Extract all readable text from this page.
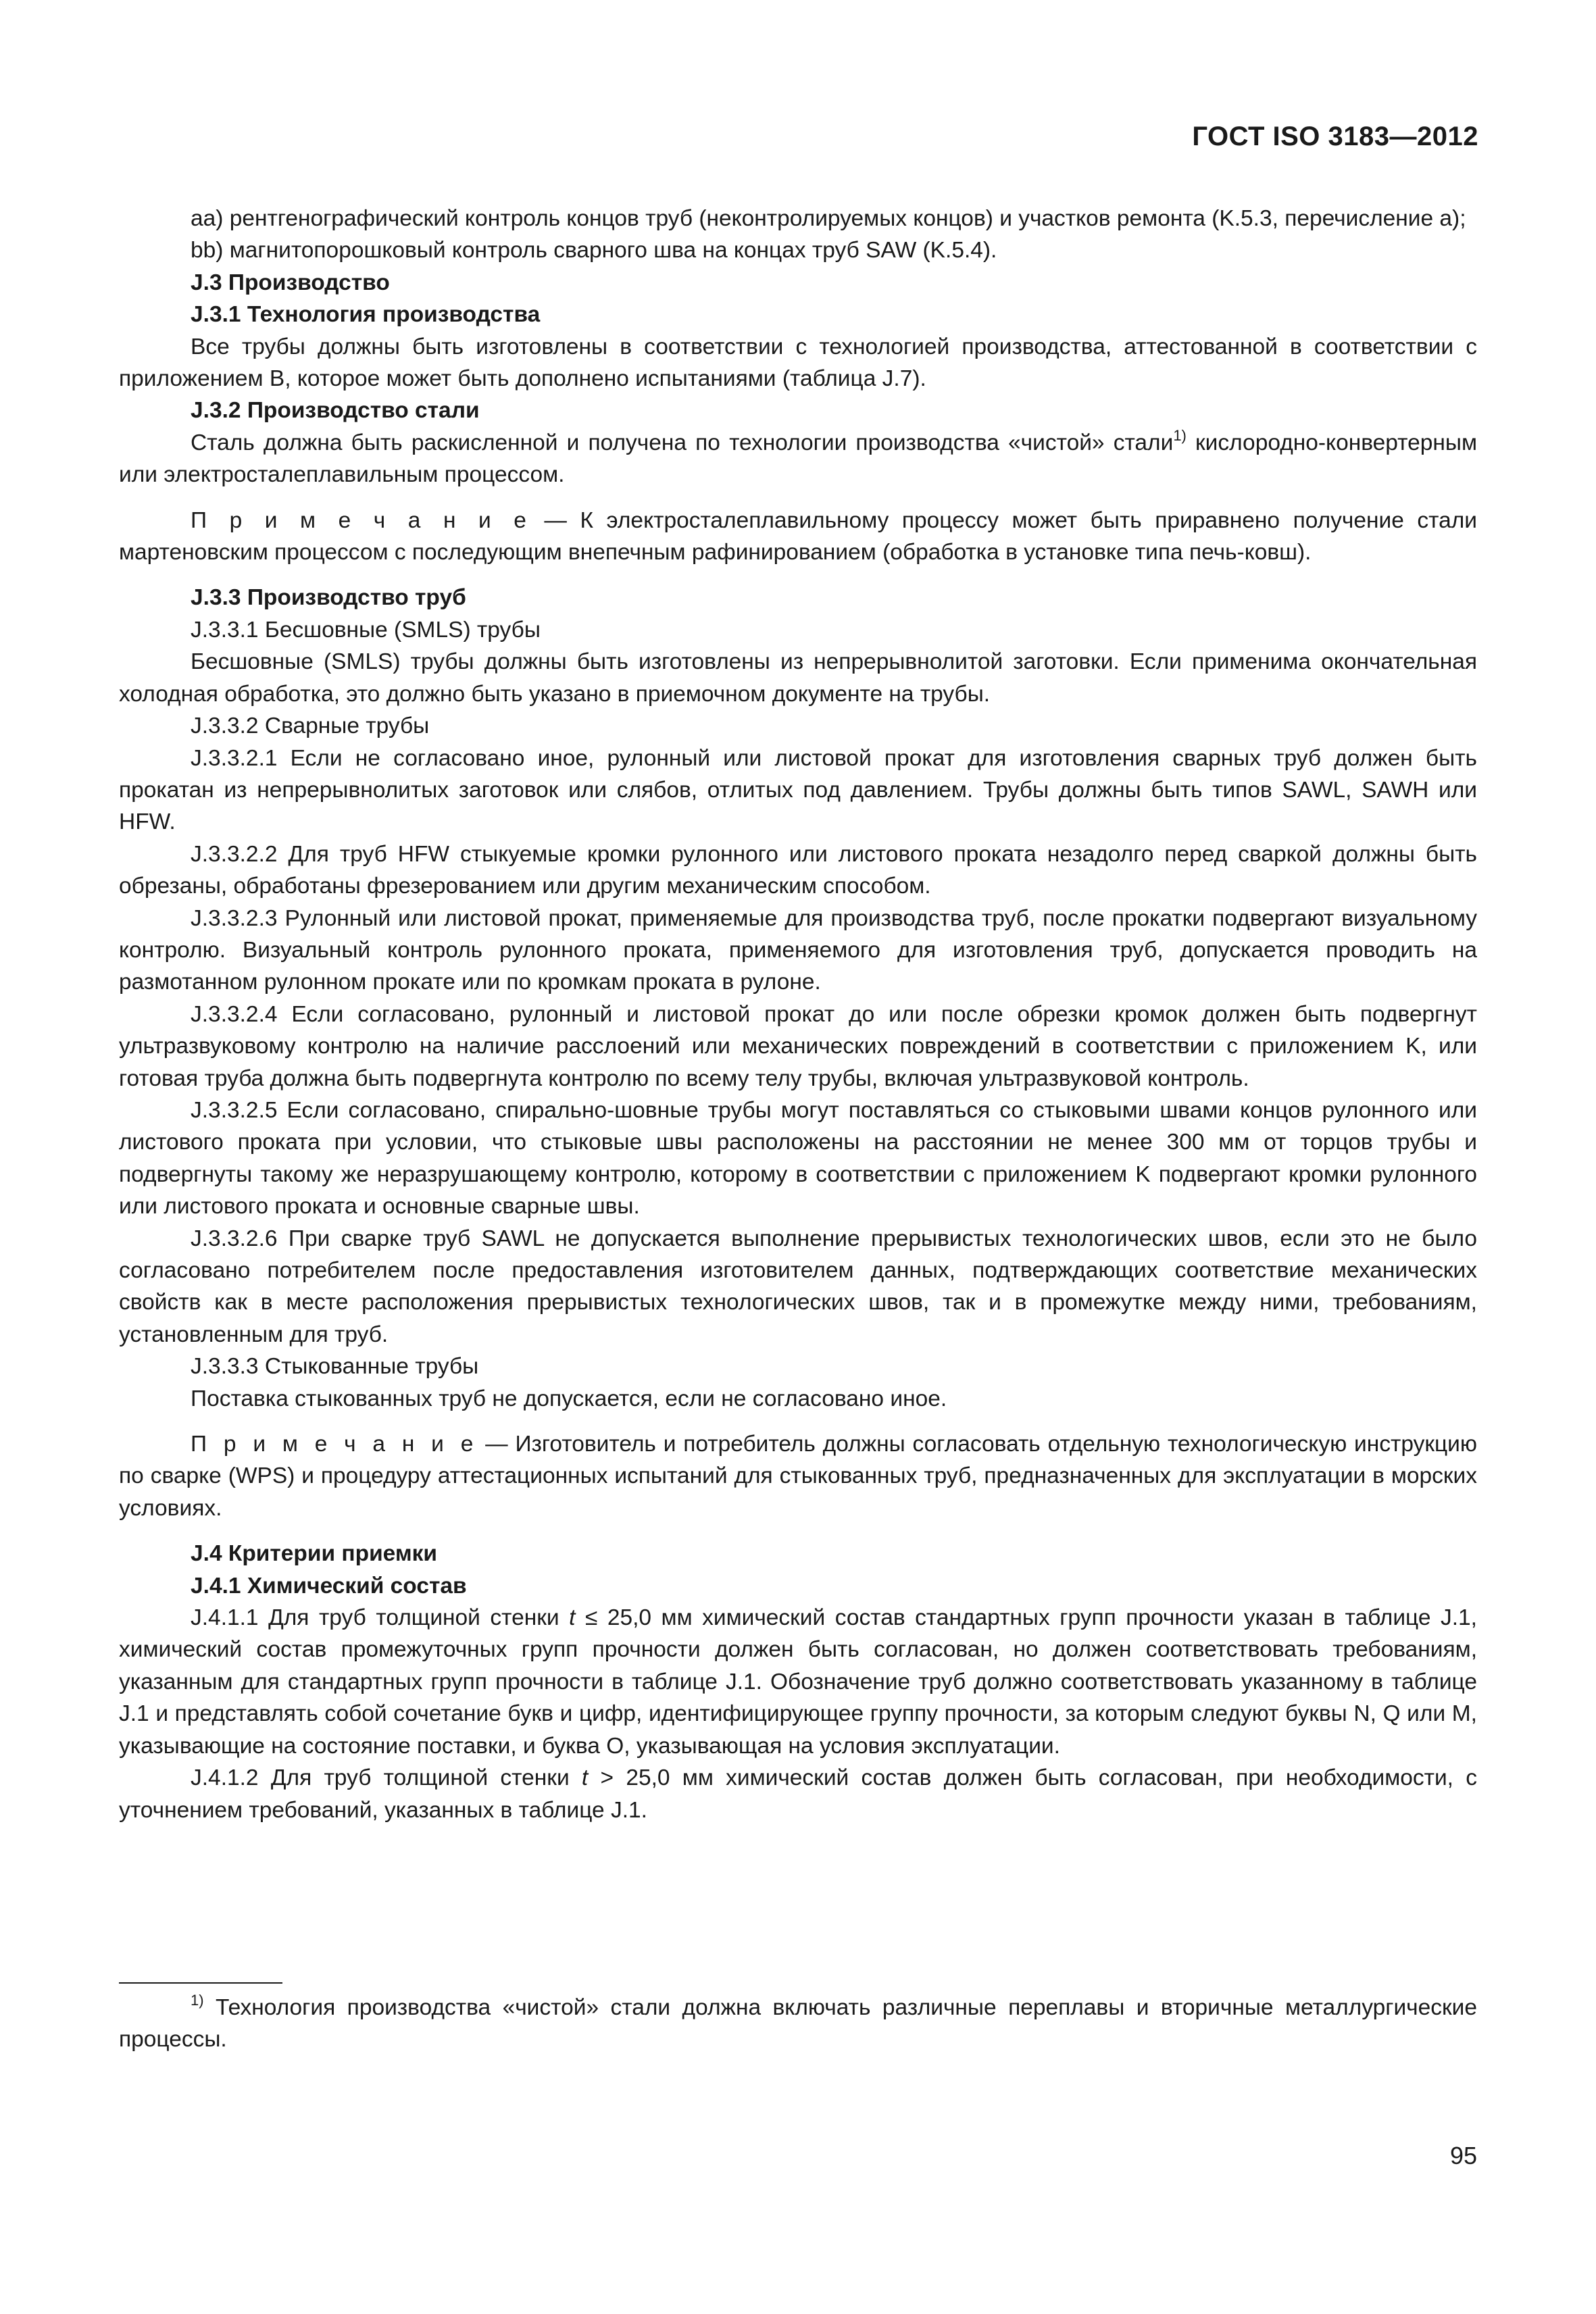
ГОСТ ISO 3183—2012

аа) рентгенографический контроль концов труб (неконтролируемых концов) и участков ремонта (K.5.3, перечисление а);

bb) магнитопорошковый контроль сварного шва на концах труб SAW (K.5.4).

J.3 Производство

J.3.1 Технология производства

Все трубы должны быть изготовлены в соответствии с технологией производства, аттестованной в соответствии с приложением В, которое может быть дополнено испытаниями (таблица J.7).

J.3.2 Производство стали

Сталь должна быть раскисленной и получена по технологии производства «чистой» стали$^{1)}$ кислородно-конвертерным или электросталеплавильным процессом.

П р и м е ч а н и е — К электросталеплавильному процессу может быть приравнено получение стали мартеновским процессом с последующим внепечным рафинированием (обработка в установке типа печь-ковш).

J.3.3 Производство труб

J.3.3.1 Бесшовные (SMLS) трубы

Бесшовные (SMLS) трубы должны быть изготовлены из непрерывнолитой заготовки. Если применима окончательная холодная обработка, это должно быть указано в приемочном документе на трубы.

J.3.3.2 Сварные трубы

J.3.3.2.1 Если не согласовано иное, рулонный или листовой прокат для изготовления сварных труб должен быть прокатан из непрерывнолитых заготовок или слябов, отлитых под давлением. Трубы должны быть типов SAWL, SAWH или HFW.

J.3.3.2.2 Для труб HFW стыкуемые кромки рулонного или листового проката незадолго перед сваркой должны быть обрезаны, обработаны фрезерованием или другим механическим способом.

J.3.3.2.3 Рулонный или листовой прокат, применяемые для производства труб, после прокатки подвергают визуальному контролю. Визуальный контроль рулонного проката, применяемого для изготовления труб, допускается проводить на размотанном рулонном прокате или по кромкам проката в рулоне.

J.3.3.2.4 Если согласовано, рулонный и листовой прокат до или после обрезки кромок должен быть подвергнут ультразвуковому контролю на наличие расслоений или механических повреждений в соответствии с приложением K, или готовая труба должна быть подвергнута контролю по всему телу трубы, включая ультразвуковой контроль.

J.3.3.2.5 Если согласовано, спирально-шовные трубы могут поставляться со стыковыми швами концов рулонного или листового проката при условии, что стыковые швы расположены на расстоянии не менее 300 мм от торцов трубы и подвергнуты такому же неразрушающему контролю, которому в соответствии с приложением K подвергают кромки рулонного или листового проката и основные сварные швы.

J.3.3.2.6 При сварке труб SAWL не допускается выполнение прерывистых технологических швов, если это не было согласовано потребителем после предоставления изготовителем данных, подтверждающих соответствие механических свойств как в месте расположения прерывистых технологических швов, так и в промежутке между ними, требованиям, установленным для труб.

J.3.3.3 Стыкованные трубы

Поставка стыкованных труб не допускается, если не согласовано иное.

П р и м е ч а н и е — Изготовитель и потребитель должны согласовать отдельную технологическую инструкцию по сварке (WPS) и процедуру аттестационных испытаний для стыкованных труб, предназначенных для эксплуатации в морских условиях.

J.4 Критерии приемки

J.4.1 Химический состав

J.4.1.1 Для труб толщиной стенки t ≤ 25,0 мм химический состав стандартных групп прочности указан в таблице J.1, химический состав промежуточных групп прочности должен быть согласован, но должен соответствовать требованиям, указанным для стандартных групп прочности в таблице J.1. Обозначение труб должно соответствовать указанному в таблице J.1 и представлять собой сочетание букв и цифр, идентифицирующее группу прочности, за которым следуют буквы N, Q или M, указывающие на состояние поставки, и буква O, указывающая на условия эксплуатации.

J.4.1.2 Для труб толщиной стенки t > 25,0 мм химический состав должен быть согласован, при необходимости, с уточнением требований, указанных в таблице J.1.

$^{1)}$ Технология производства «чистой» стали должна включать различные переплавы и вторичные металлургические процессы.

95
